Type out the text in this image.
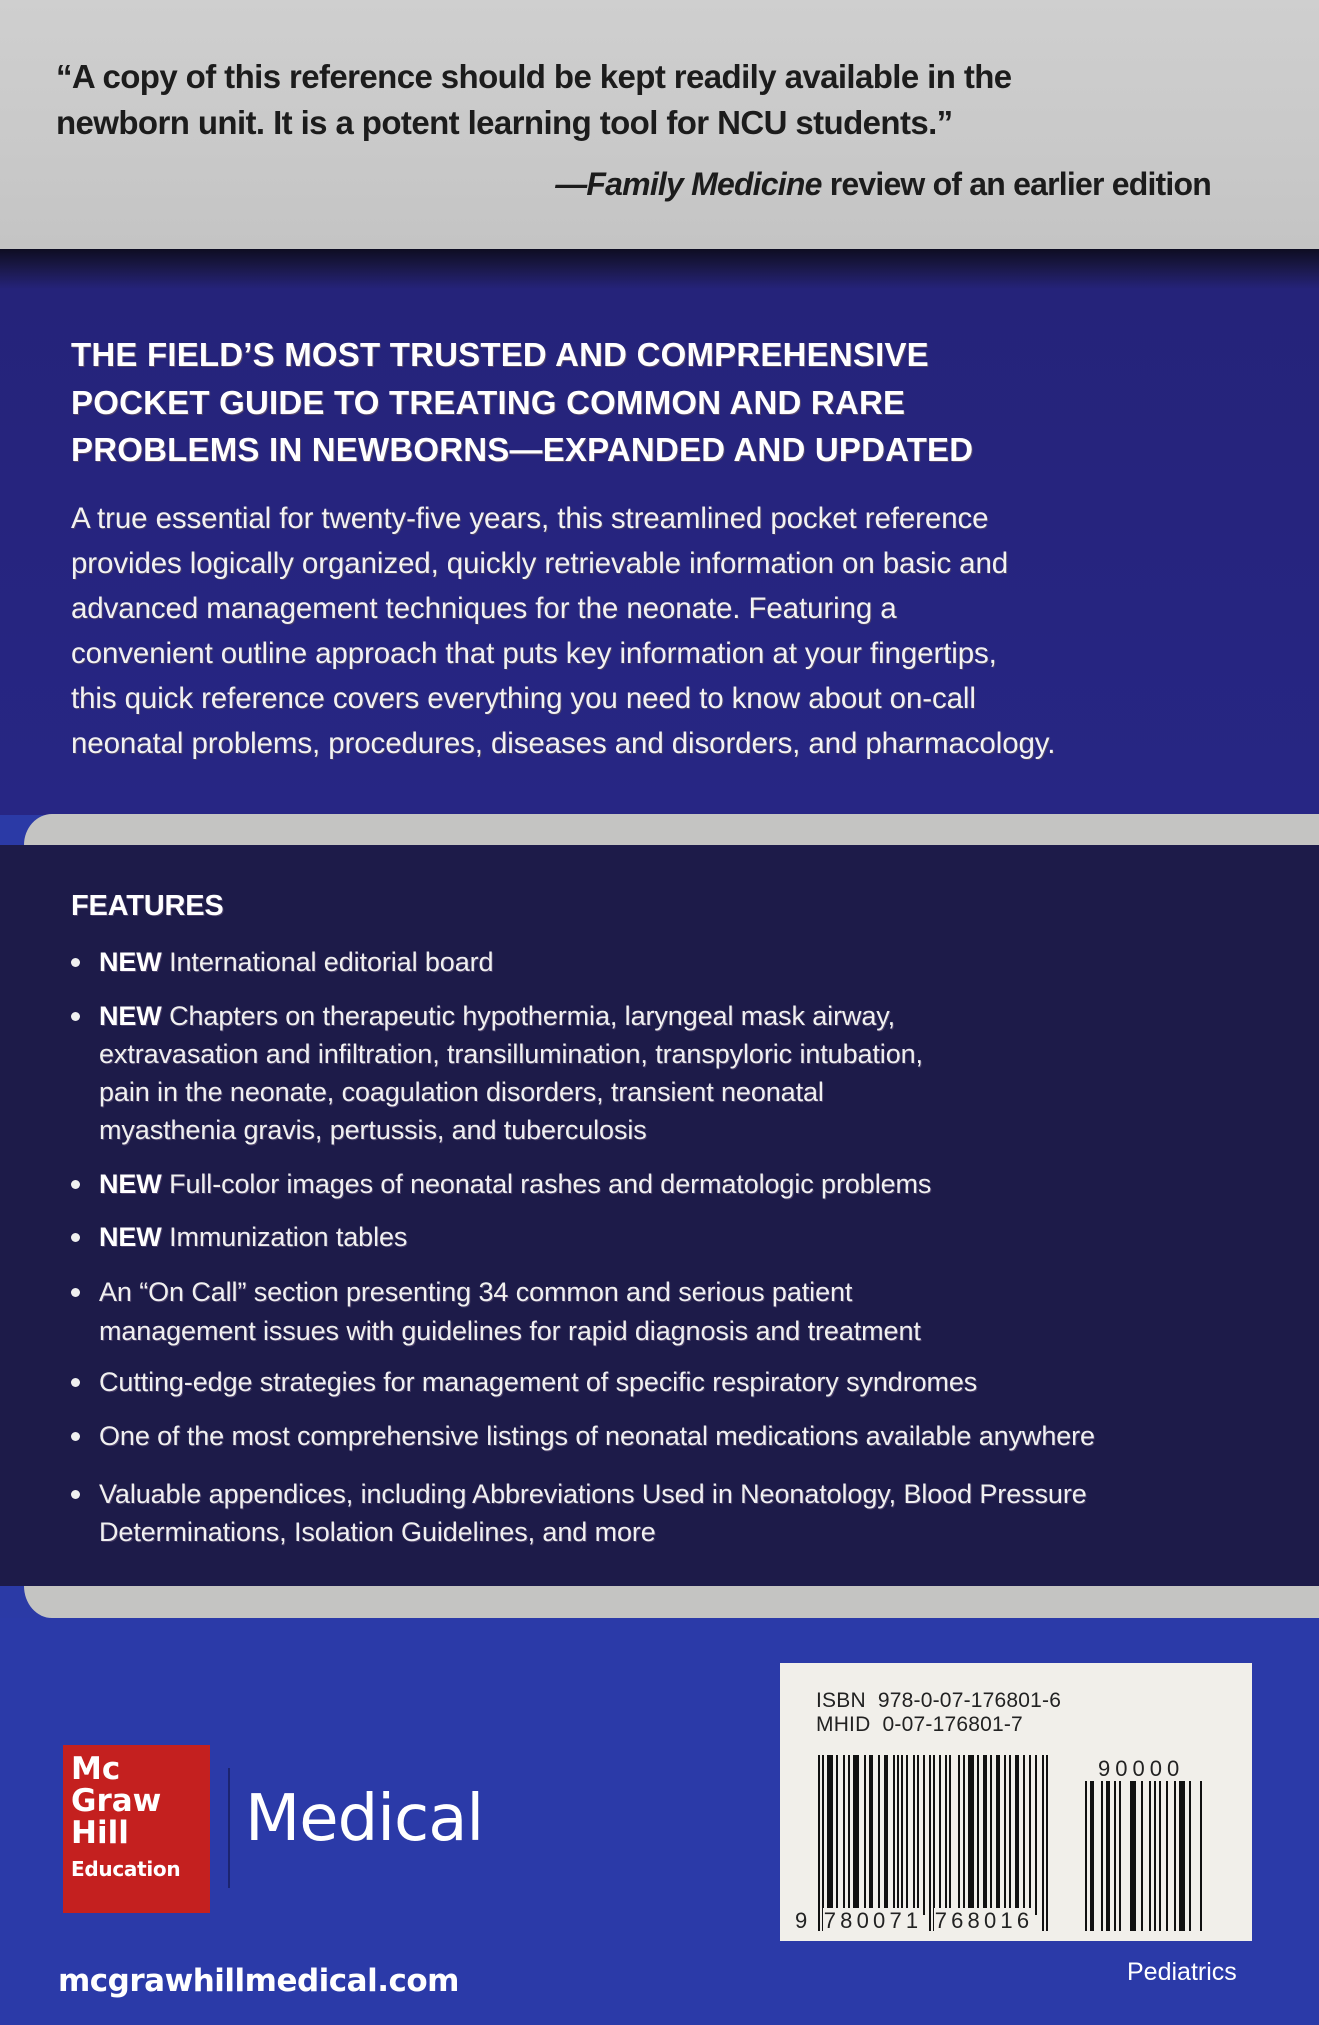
“A copy of this reference should be kept readily available in the
newborn unit. It is a potent learning tool for NCU students.”
—Family Medicine review of an earlier edition
THE FIELD’S MOST TRUSTED AND COMPREHENSIVE
POCKET GUIDE TO TREATING COMMON AND RARE
PROBLEMS IN NEWBORNS—EXPANDED AND UPDATED
A true essential for twenty-five years, this streamlined pocket reference
provides logically organized, quickly retrievable information on basic and
advanced management techniques for the neonate. Featuring a
convenient outline approach that puts key information at your fingertips,
this quick reference covers everything you need to know about on-call
neonatal problems, procedures, diseases and disorders, and pharmacology.
FEATURES
NEW International editorial board
NEW Chapters on therapeutic hypothermia, laryngeal mask airway,
extravasation and infiltration, transillumination, transpyloric intubation,
pain in the neonate, coagulation disorders, transient neonatal
myasthenia gravis, pertussis, and tuberculosis
NEW Full-color images of neonatal rashes and dermatologic problems
NEW Immunization tables
An “On Call” section presenting 34 common and serious patient
management issues with guidelines for rapid diagnosis and treatment
Cutting-edge strategies for management of specific respiratory syndromes
One of the most comprehensive listings of neonatal medications available anywhere
Valuable appendices, including Abbreviations Used in Neonatology, Blood Pressure
Determinations, Isolation Guidelines, and more
Mc
Graw
Hill
Education
Medical
mcgrawhillmedical.com
ISBN 978-0-07-176801-6
MHID 0-07-176801-7
90000
9 780071 768016
Pediatrics
